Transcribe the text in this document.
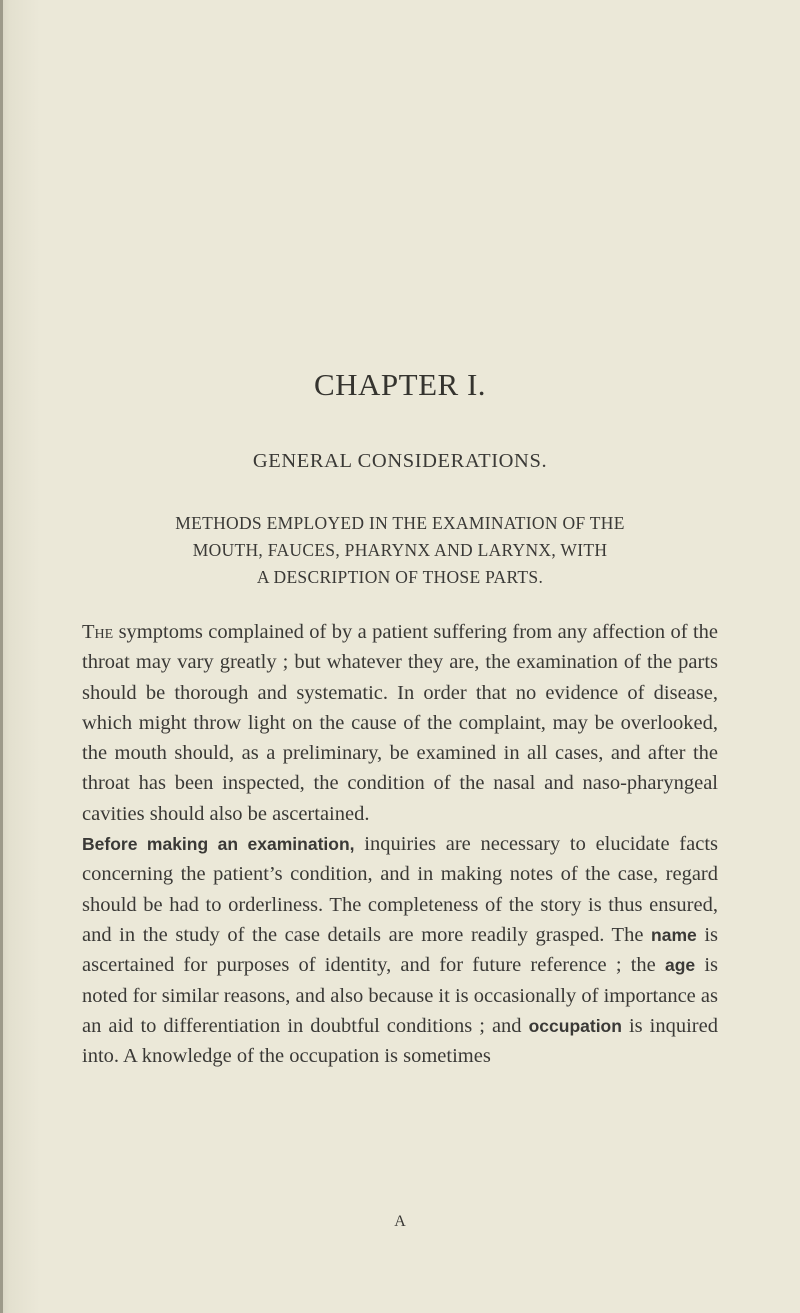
CHAPTER I.
GENERAL CONSIDERATIONS.
METHODS EMPLOYED IN THE EXAMINATION OF THE
MOUTH, FAUCES, PHARYNX AND LARYNX, WITH
A DESCRIPTION OF THOSE PARTS.

The symptoms complained of by a patient suffering from any affection of the throat may vary greatly ; but whatever they are, the examination of the parts should be thorough and systematic. In order that no evidence of disease, which might throw light on the cause of the complaint, may be overlooked, the mouth should, as a preliminary, be examined in all cases, and after the throat has been inspected, the condition of the nasal and naso-pharyngeal cavities should also be ascertained.

Before making an examination, inquiries are necessary to elucidate facts concerning the patient’s condition, and in making notes of the case, regard should be had to orderliness. The completeness of the story is thus ensured, and in the study of the case details are more readily grasped. The name is ascertained for purposes of identity, and for future reference ; the age is noted for similar reasons, and also because it is occasionally of importance as an aid to differentiation in doubtful conditions ; and occupation is inquired into. A knowledge of the occupation is sometimes

A
